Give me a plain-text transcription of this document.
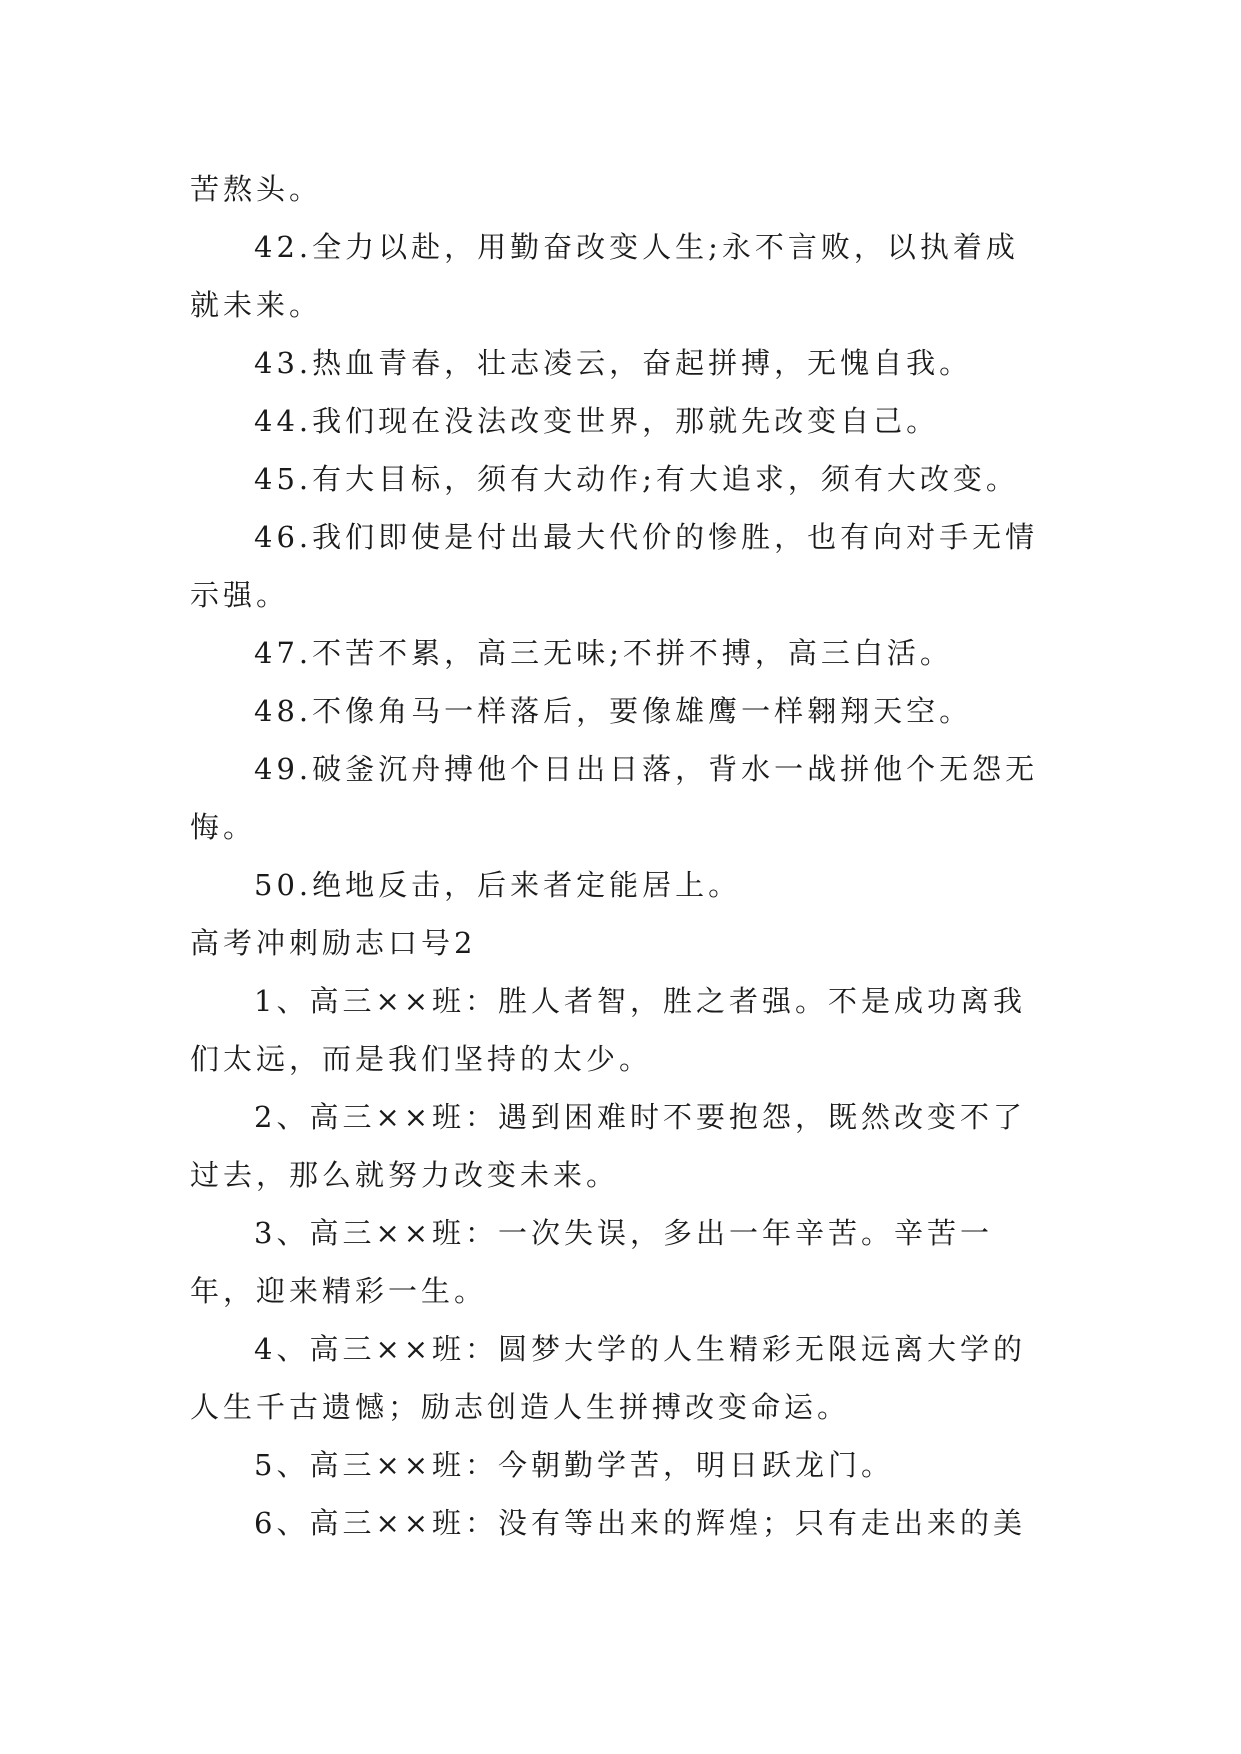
苦熬头。

42.全力以赴，用勤奋改变人生;永不言败，以执着成就未来。

43.热血青春，壮志凌云，奋起拼搏，无愧自我。

44.我们现在没法改变世界，那就先改变自己。

45.有大目标，须有大动作;有大追求，须有大改变。

46.我们即使是付出最大代价的惨胜，也有向对手无情示强。

47.不苦不累，高三无味;不拼不搏，高三白活。

48.不像角马一样落后，要像雄鹰一样翱翔天空。

49.破釜沉舟搏他个日出日落，背水一战拼他个无怨无悔。

50.绝地反击，后来者定能居上。

高考冲刺励志口号2

1、高三××班：胜人者智，胜之者强。不是成功离我们太远，而是我们坚持的太少。

2、高三××班：遇到困难时不要抱怨，既然改变不了过去，那么就努力改变未来。

3、高三××班：一次失误，多出一年辛苦。辛苦一年，迎来精彩一生。

4、高三××班：圆梦大学的人生精彩无限远离大学的人生千古遗憾；励志创造人生拼搏改变命运。

5、高三××班：今朝勤学苦，明日跃龙门。

6、高三××班：没有等出来的辉煌；只有走出来的美
